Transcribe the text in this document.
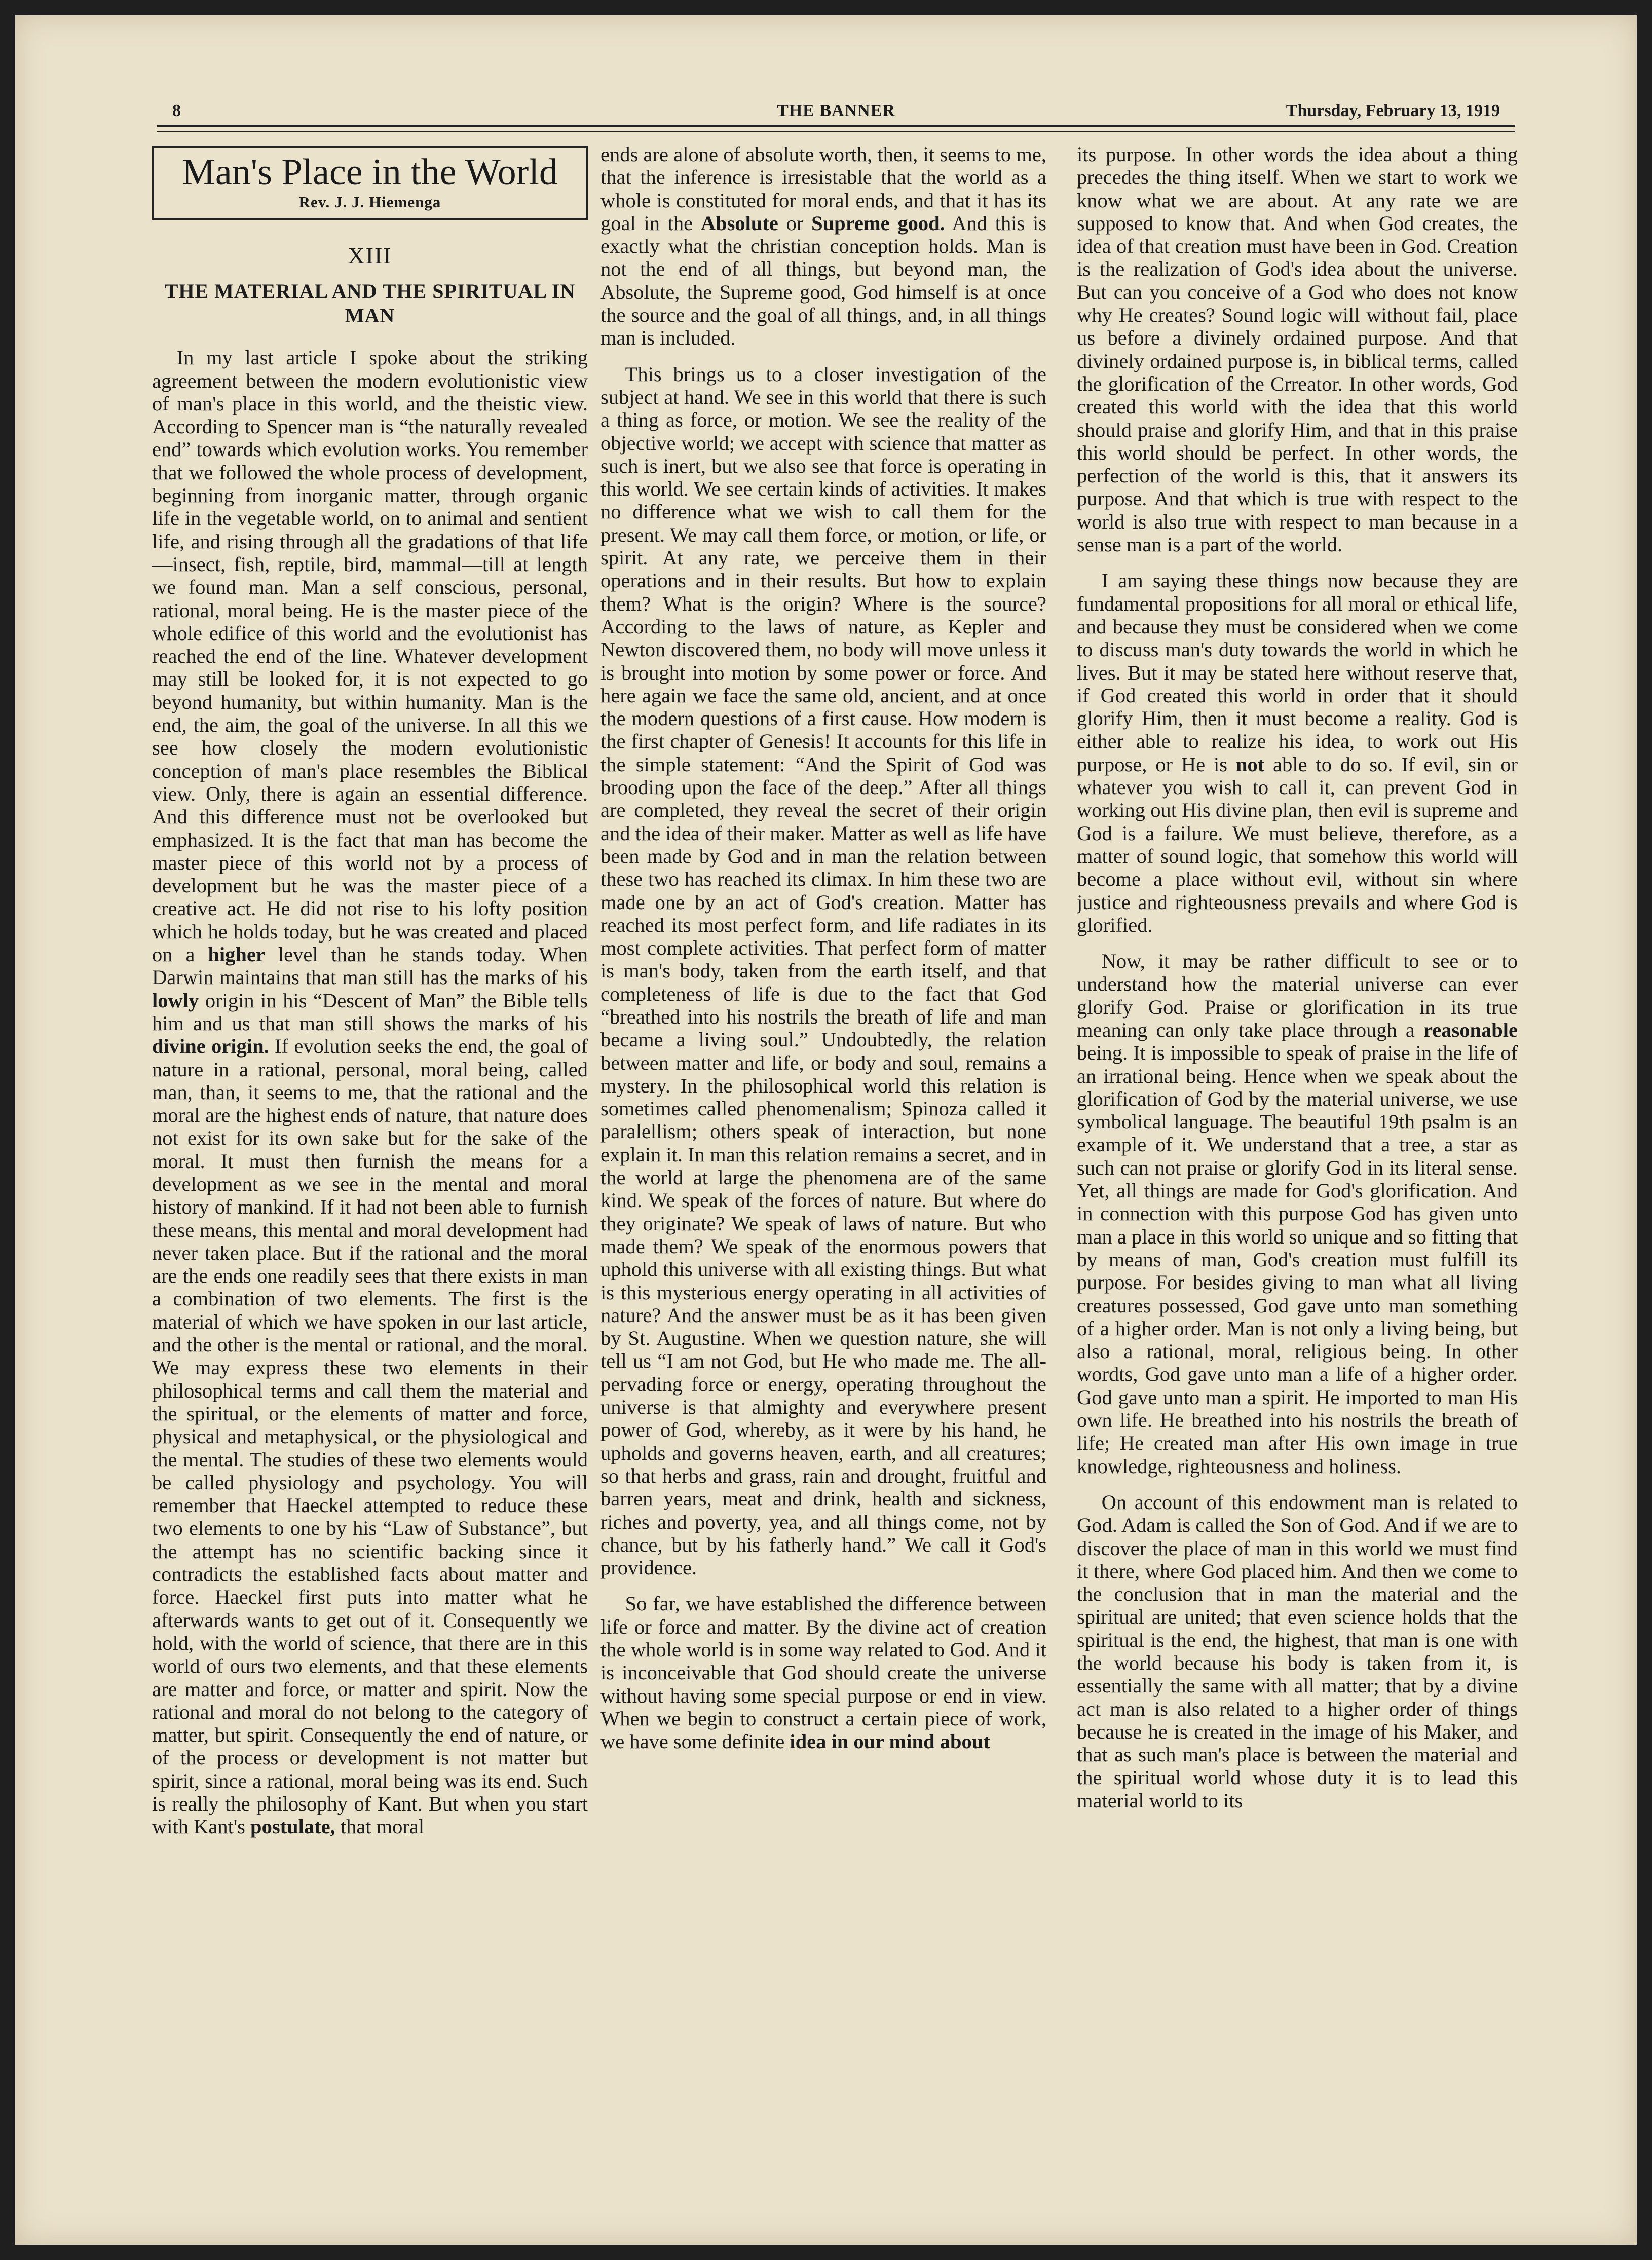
8	THE BANNER	Thursday, February 13, 1919
Man's Place in the World
Rev. J. J. Hiemenga
XIII
THE MATERIAL AND THE SPIRITUAL IN MAN

In my last article I spoke about the striking agreement between the modern evolutionistic view of man's place in this world, and the theistic view. According to Spencer man is “the naturally revealed end” towards which evolution works. You remember that we followed the whole process of development, beginning from inorganic matter, through organic life in the vegetable world, on to animal and sentient life, and rising through all the gradations of that life—insect, fish, reptile, bird, mammal—till at length we found man. Man a self conscious, personal, rational, moral being. He is the master piece of the whole edifice of this world and the evolutionist has reached the end of the line. Whatever development may still be looked for, it is not expected to go beyond humanity, but within humanity. Man is the end, the aim, the goal of the universe. In all this we see how closely the modern evolutionistic conception of man's place resembles the Biblical view. Only, there is again an essential difference. And this difference must not be overlooked but emphasized. It is the fact that man has become the master piece of this world not by a process of development but he was the master piece of a creative act. He did not rise to his lofty position which he holds today, but he was created and placed on a higher level than he stands today. When Darwin maintains that man still has the marks of his lowly origin in his “Descent of Man” the Bible tells him and us that man still shows the marks of his divine origin. If evolution seeks the end, the goal of nature in a rational, personal, moral being, called man, than, it seems to me, that the rational and the moral are the highest ends of nature, that nature does not exist for its own sake but for the sake of the moral. It must then furnish the means for a development as we see in the mental and moral history of mankind. If it had not been able to furnish these means, this mental and moral development had never taken place. But if the rational and the moral are the ends one readily sees that there exists in man a combination of two elements. The first is the material of which we have spoken in our last article, and the other is the mental or rational, and the moral. We may express these two elements in their philosophical terms and call them the material and the spiritual, or the elements of matter and force, physical and metaphysical, or the physiological and the mental. The studies of these two elements would be called physiology and psychology. You will remember that Haeckel attempted to reduce these two elements to one by his “Law of Substance”, but the attempt has no scientific backing since it contradicts the established facts about matter and force. Haeckel first puts into matter what he afterwards wants to get out of it. Consequently we hold, with the world of science, that there are in this world of ours two elements, and that these elements are matter and force, or matter and spirit. Now the rational and moral do not belong to the category of matter, but spirit. Consequently the end of nature, or of the process or development is not matter but spirit, since a rational, moral being was its end. Such is really the philosophy of Kant. But when you start with Kant's postulate, that moral

ends are alone of absolute worth, then, it seems to me, that the inference is irresistable that the world as a whole is constituted for moral ends, and that it has its goal in the Absolute or Supreme good. And this is exactly what the christian conception holds. Man is not the end of all things, but beyond man, the Absolute, the Supreme good, God himself is at once the source and the goal of all things, and, in all things man is included.

This brings us to a closer investigation of the subject at hand. We see in this world that there is such a thing as force, or motion. We see the reality of the objective world; we accept with science that matter as such is inert, but we also see that force is operating in this world. We see certain kinds of activities. It makes no difference what we wish to call them for the present. We may call them force, or motion, or life, or spirit. At any rate, we perceive them in their operations and in their results. But how to explain them? What is the origin? Where is the source? According to the laws of nature, as Kepler and Newton discovered them, no body will move unless it is brought into motion by some power or force. And here again we face the same old, ancient, and at once the modern questions of a first cause. How modern is the first chapter of Genesis! It accounts for this life in the simple statement: “And the Spirit of God was brooding upon the face of the deep.” After all things are completed, they reveal the secret of their origin and the idea of their maker. Matter as well as life have been made by God and in man the relation between these two has reached its climax. In him these two are made one by an act of God's creation. Matter has reached its most perfect form, and life radiates in its most complete activities. That perfect form of matter is man's body, taken from the earth itself, and that completeness of life is due to the fact that God “breathed into his nostrils the breath of life and man became a living soul.” Undoubtedly, the relation between matter and life, or body and soul, remains a mystery. In the philosophical world this relation is sometimes called phenomenalism; Spinoza called it paralellism; others speak of interaction, but none explain it. In man this relation remains a secret, and in the world at large the phenomena are of the same kind. We speak of the forces of nature. But where do they originate? We speak of laws of nature. But who made them? We speak of the enormous powers that uphold this universe with all existing things. But what is this mysterious energy operating in all activities of nature? And the answer must be as it has been given by St. Augustine. When we question nature, she will tell us “I am not God, but He who made me. The all-pervading force or energy, operating throughout the universe is that almighty and everywhere present power of God, whereby, as it were by his hand, he upholds and governs heaven, earth, and all creatures; so that herbs and grass, rain and drought, fruitful and barren years, meat and drink, health and sickness, riches and poverty, yea, and all things come, not by chance, but by his fatherly hand.” We call it God's providence.

So far, we have established the difference between life or force and matter. By the divine act of creation the whole world is in some way related to God. And it is inconceivable that God should create the universe without having some special purpose or end in view. When we begin to construct a certain piece of work, we have some definite idea in our mind about

its purpose. In other words the idea about a thing precedes the thing itself. When we start to work we know what we are about. At any rate we are supposed to know that. And when God creates, the idea of that creation must have been in God. Creation is the realization of God's idea about the universe. But can you conceive of a God who does not know why He creates? Sound logic will without fail, place us before a divinely ordained purpose. And that divinely ordained purpose is, in biblical terms, called the glorification of the Crreator. In other words, God created this world with the idea that this world should praise and glorify Him, and that in this praise this world should be perfect. In other words, the perfection of the world is this, that it answers its purpose. And that which is true with respect to the world is also true with respect to man because in a sense man is a part of the world.

I am saying these things now because they are fundamental propositions for all moral or ethical life, and because they must be considered when we come to discuss man's duty towards the world in which he lives. But it may be stated here without reserve that, if God created this world in order that it should glorify Him, then it must become a reality. God is either able to realize his idea, to work out His purpose, or He is not able to do so. If evil, sin or whatever you wish to call it, can prevent God in working out His divine plan, then evil is supreme and God is a failure. We must believe, therefore, as a matter of sound logic, that somehow this world will become a place without evil, without sin where justice and righteousness prevails and where God is glorified.

Now, it may be rather difficult to see or to understand how the material universe can ever glorify God. Praise or glorification in its true meaning can only take place through a reasonable being. It is impossible to speak of praise in the life of an irrational being. Hence when we speak about the glorification of God by the material universe, we use symbolical language. The beautiful 19th psalm is an example of it. We understand that a tree, a star as such can not praise or glorify God in its literal sense. Yet, all things are made for God's glorification. And in connection with this purpose God has given unto man a place in this world so unique and so fitting that by means of man, God's creation must fulfill its purpose. For besides giving to man what all living creatures possessed, God gave unto man something of a higher order. Man is not only a living being, but also a rational, moral, religious being. In other wordts, God gave unto man a life of a higher order. God gave unto man a spirit. He imported to man His own life. He breathed into his nostrils the breath of life; He created man after His own image in true knowledge, righteousness and holiness.

On account of this endowment man is related to God. Adam is called the Son of God. And if we are to discover the place of man in this world we must find it there, where God placed him. And then we come to the conclusion that in man the material and the spiritual are united; that even science holds that the spiritual is the end, the highest, that man is one with the world because his body is taken from it, is essentially the same with all matter; that by a divine act man is also related to a higher order of things because he is created in the image of his Maker, and that as such man's place is between the material and the spiritual world whose duty it is to lead this material world to its
